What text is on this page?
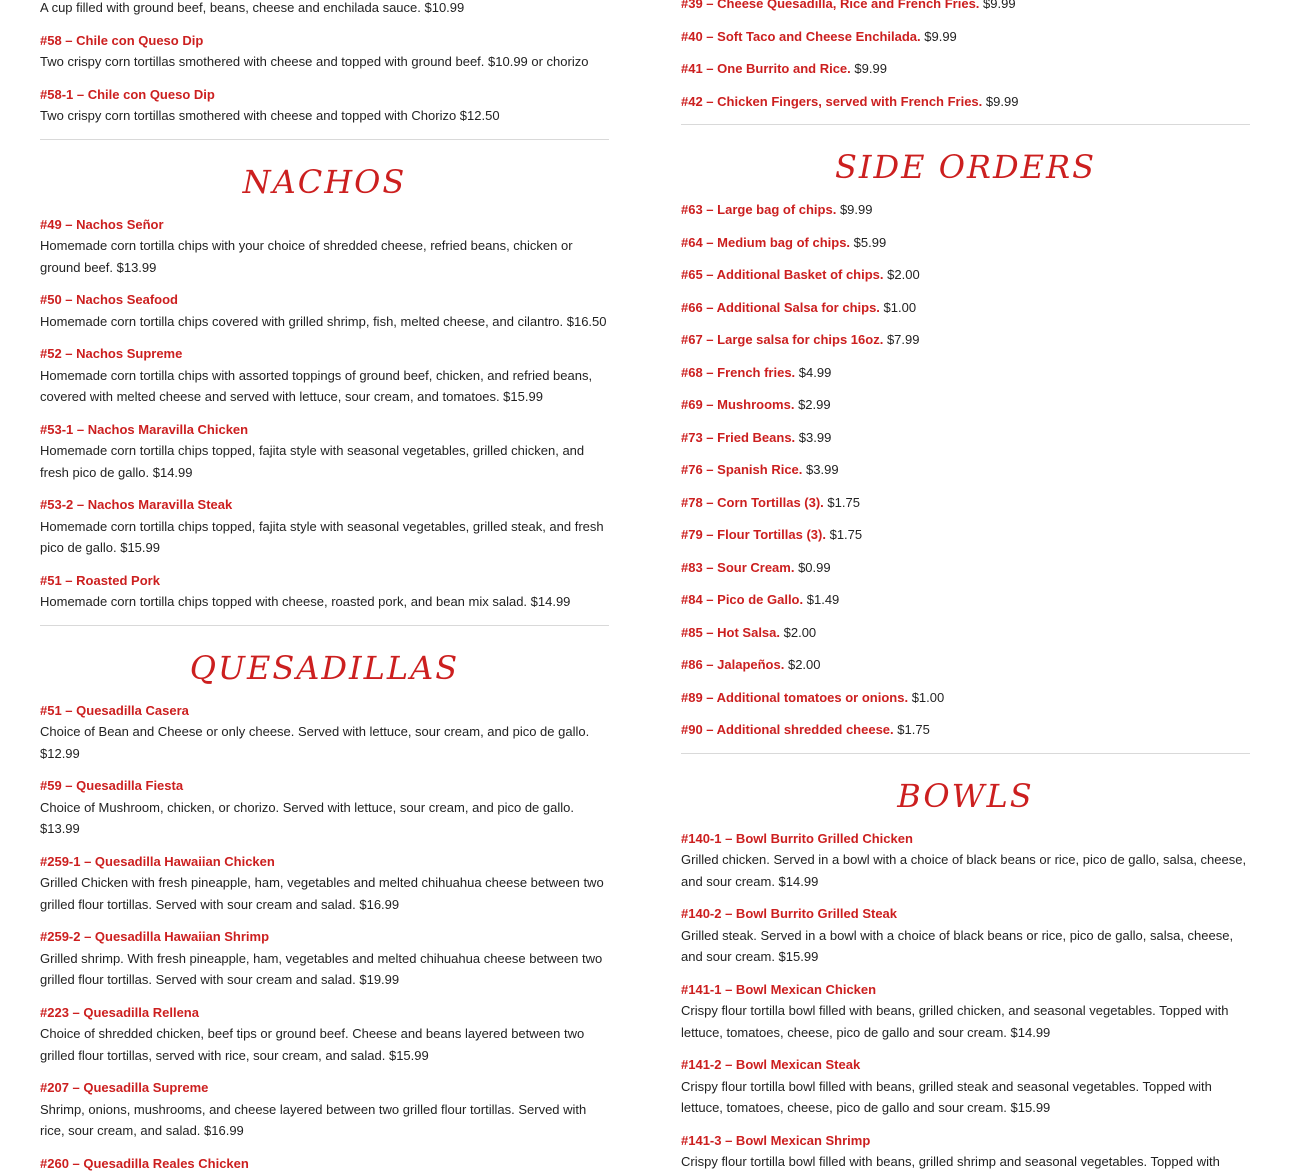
A cup filled with ground beef, beans, cheese and enchilada sauce. $10.99
#58 – Chile con Queso Dip
Two crispy corn tortillas smothered with cheese and topped with ground beef. $10.99 or chorizo
#58-1 – Chile con Queso Dip
Two crispy corn tortillas smothered with cheese and topped with Chorizo $12.50
NACHOS
#49 – Nachos Señor
Homemade corn tortilla chips with your choice of shredded cheese, refried beans, chicken or ground beef. $13.99
#50 – Nachos Seafood
Homemade corn tortilla chips covered with grilled shrimp, fish, melted cheese, and cilantro. $16.50
#52 – Nachos Supreme
Homemade corn tortilla chips with assorted toppings of ground beef, chicken, and refried beans, covered with melted cheese and served with lettuce, sour cream, and tomatoes. $15.99
#53-1 – Nachos Maravilla Chicken
Homemade corn tortilla chips topped, fajita style with seasonal vegetables, grilled chicken, and fresh pico de gallo. $14.99
#53-2 – Nachos Maravilla Steak
Homemade corn tortilla chips topped, fajita style with seasonal vegetables, grilled steak, and fresh pico de gallo. $15.99
#51 – Roasted Pork
Homemade corn tortilla chips topped with cheese, roasted pork, and bean mix salad. $14.99
QUESADILLAS
#51 – Quesadilla Casera
Choice of Bean and Cheese or only cheese. Served with lettuce, sour cream, and pico de gallo. $12.99
#59 – Quesadilla Fiesta
Choice of Mushroom, chicken, or chorizo. Served with lettuce, sour cream, and pico de gallo. $13.99
#259-1 – Quesadilla Hawaiian Chicken
Grilled Chicken with fresh pineapple, ham, vegetables and melted chihuahua cheese between two grilled flour tortillas. Served with sour cream and salad. $16.99
#259-2 – Quesadilla Hawaiian Shrimp
Grilled shrimp. With fresh pineapple, ham, vegetables and melted chihuahua cheese between two grilled flour tortillas. Served with sour cream and salad. $19.99
#223 – Quesadilla Rellena
Choice of shredded chicken, beef tips or ground beef. Cheese and beans layered between two grilled flour tortillas, served with rice, sour cream, and salad. $15.99
#207 – Quesadilla Supreme
Shrimp, onions, mushrooms, and cheese layered between two grilled flour tortillas. Served with rice, sour cream, and salad. $16.99
#260 – Quesadilla Reales Chicken
#39 – Cheese Quesadilla, Rice and French Fries. $9.99
#40 – Soft Taco and Cheese Enchilada. $9.99
#41 – One Burrito and Rice. $9.99
#42 – Chicken Fingers, served with French Fries. $9.99
SIDE ORDERS
#63 – Large bag of chips. $9.99
#64 – Medium bag of chips. $5.99
#65 – Additional Basket of chips. $2.00
#66 – Additional Salsa for chips. $1.00
#67 – Large salsa for chips 16oz. $7.99
#68 – French fries. $4.99
#69 – Mushrooms. $2.99
#73 – Fried Beans. $3.99
#76 – Spanish Rice. $3.99
#78 – Corn Tortillas (3). $1.75
#79 – Flour Tortillas (3). $1.75
#83 – Sour Cream. $0.99
#84 – Pico de Gallo. $1.49
#85 – Hot Salsa. $2.00
#86 – Jalapeños. $2.00
#89 – Additional tomatoes or onions. $1.00
#90 – Additional shredded cheese. $1.75
BOWLS
#140-1 – Bowl Burrito Grilled Chicken
Grilled chicken. Served in a bowl with a choice of black beans or rice, pico de gallo, salsa, cheese, and sour cream. $14.99
#140-2 – Bowl Burrito Grilled Steak
Grilled steak. Served in a bowl with a choice of black beans or rice, pico de gallo, salsa, cheese, and sour cream. $15.99
#141-1 – Bowl Mexican Chicken
Crispy flour tortilla bowl filled with beans, grilled chicken, and seasonal vegetables. Topped with lettuce, tomatoes, cheese, pico de gallo and sour cream. $14.99
#141-2 – Bowl Mexican Steak
Crispy flour tortilla bowl filled with beans, grilled steak and seasonal vegetables. Topped with lettuce, tomatoes, cheese, pico de gallo and sour cream. $15.99
#141-3 – Bowl Mexican Shrimp
Crispy flour tortilla bowl filled with beans, grilled shrimp and seasonal vegetables. Topped with
